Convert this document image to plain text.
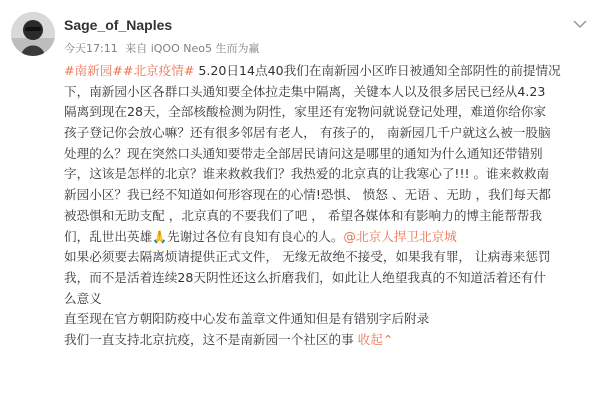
Sage_of_Naples
今天17:11 来自 iQOO Neo5 生而为赢
#南新园##北京疫情# 5.20日14点40我们在南新园小区昨日被通知全部阴性的前提情况
下，南新园小区各群口头通知要全体拉走集中隔离，关键本人以及很多居民已经从4.23
隔离到现在28天，全部核酸检测为阴性，家里还有宠物问就说登记处理，难道你给你家
孩子登记你会放心嘛？还有很多邻居有老人， 有孩子的， 南新园几千户就这么被一股脑
处理的么？现在突然口头通知要带走全部居民请问这是哪里的通知为什么通知还带错别
字，这该是怎样的北京？谁来救救我们？我热爱的北京真的让我寒心了!!! 。谁来救救南
新园小区？我已经不知道如何形容现在的心情!恐惧、 愤怒 、无语 、无助 ，我们每天都
被恐惧和无助支配 ，北京真的不要我们了吧 ， 希望各媒体和有影响力的博主能帮帮我
们，乱世出英雄🙏先谢过各位有良知有良心的人。@北京人捍卫北京城
如果必须要去隔离烦请提供正式文件， 无缘无故绝不接受，如果我有罪， 让病毒来惩罚
我，而不是活着连续28天阴性还这么折磨我们，如此让人绝望我真的不知道活着还有什
么意义
直至现在官方朝阳防疫中心发布盖章文件通知但是有错别字后附录
我们一直支持北京抗疫，这不是南新园一个社区的事 收起⌃
